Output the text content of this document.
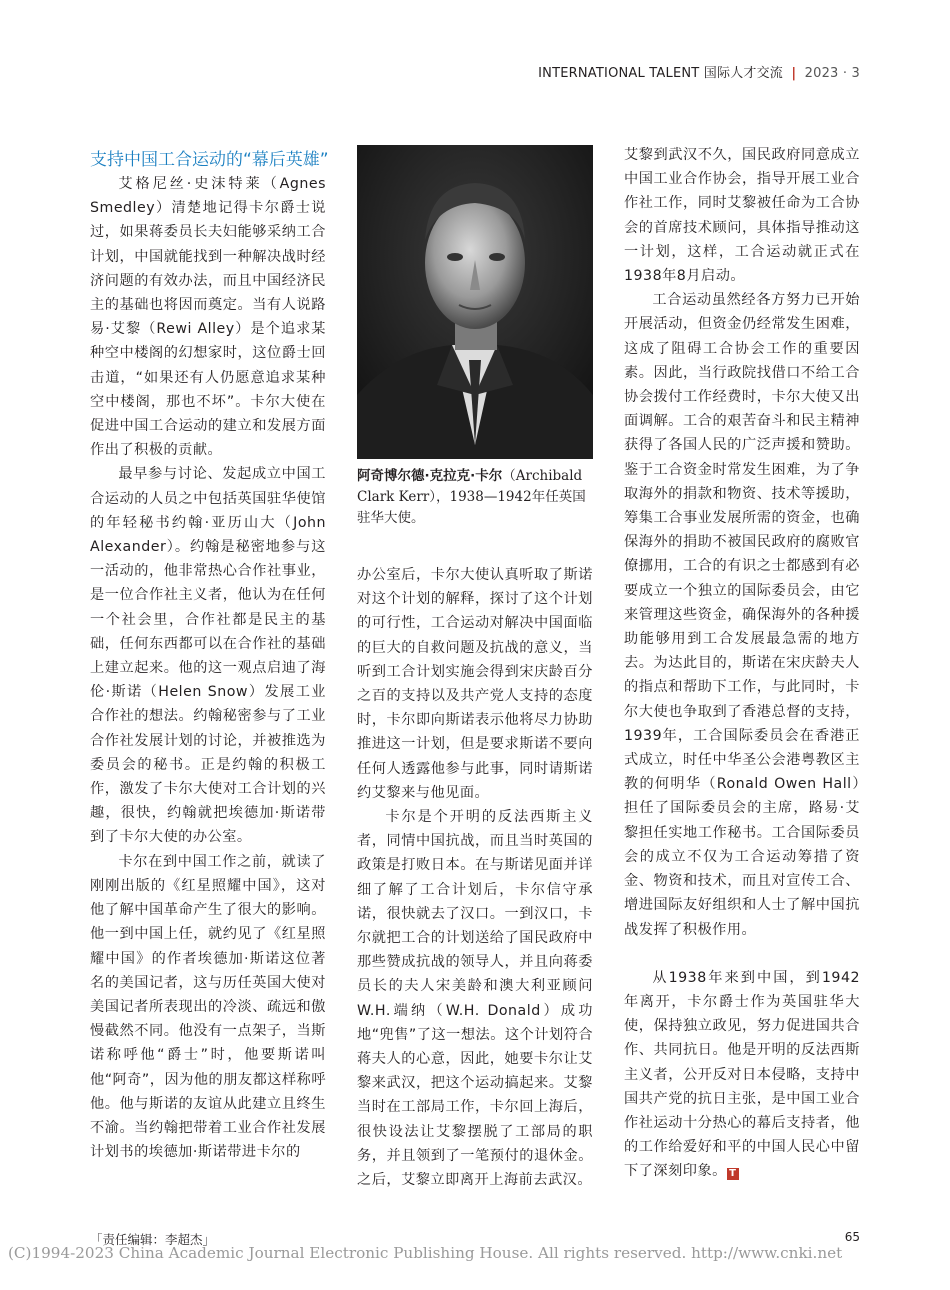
INTERNATIONAL TALENT 国际人才交流 | 2023 · 3
支持中国工合运动的“幕后英雄”

艾格尼丝·史沫特莱（Agnes Smedley）清楚地记得卡尔爵士说过，如果蒋委员长夫妇能够采纳工合计划，中国就能找到一种解决战时经济问题的有效办法，而且中国经济民主的基础也将因而奠定。当有人说路易·艾黎（Rewi Alley）是个追求某种空中楼阁的幻想家时，这位爵士回击道，“如果还有人仍愿意追求某种空中楼阁，那也不坏”。卡尔大使在促进中国工合运动的建立和发展方面作出了积极的贡献。

最早参与讨论、发起成立中国工合运动的人员之中包括英国驻华使馆的年轻秘书约翰·亚历山大（John Alexander）。约翰是秘密地参与这一活动的，他非常热心合作社事业，是一位合作社主义者，他认为在任何一个社会里，合作社都是民主的基础，任何东西都可以在合作社的基础上建立起来。他的这一观点启迪了海伦·斯诺（Helen Snow）发展工业合作社的想法。约翰秘密参与了工业合作社发展计划的讨论，并被推选为委员会的秘书。正是约翰的积极工作，激发了卡尔大使对工合计划的兴趣，很快，约翰就把埃德加·斯诺带到了卡尔大使的办公室。

卡尔在到中国工作之前，就读了刚刚出版的《红星照耀中国》，这对他了解中国革命产生了很大的影响。他一到中国上任，就约见了《红星照耀中国》的作者埃德加·斯诺这位著名的美国记者，这与历任英国大使对美国记者所表现出的冷淡、疏远和傲慢截然不同。他没有一点架子，当斯诺称呼他“爵士”时，他要斯诺叫他“阿奇”，因为他的朋友都这样称呼他。他与斯诺的友谊从此建立且终生不渝。当约翰把带着工业合作社发展计划书的埃德加·斯诺带进卡尔的

阿奇博尔德·克拉克·卡尔（Archibald Clark Kerr），1938—1942年任英国驻华大使。

办公室后，卡尔大使认真听取了斯诺对这个计划的解释，探讨了这个计划的可行性，工合运动对解决中国面临的巨大的自救问题及抗战的意义，当听到工合计划实施会得到宋庆龄百分之百的支持以及共产党人支持的态度时，卡尔即向斯诺表示他将尽力协助推进这一计划，但是要求斯诺不要向任何人透露他参与此事，同时请斯诺约艾黎来与他见面。

卡尔是个开明的反法西斯主义者，同情中国抗战，而且当时英国的政策是打败日本。在与斯诺见面并详细了解了工合计划后，卡尔信守承诺，很快就去了汉口。一到汉口，卡尔就把工合的计划送给了国民政府中那些赞成抗战的领导人，并且向蒋委员长的夫人宋美龄和澳大利亚顾问W.H.端纳（W.H. Donald）成功地“兜售”了这一想法。这个计划符合蒋夫人的心意，因此，她要卡尔让艾黎来武汉，把这个运动搞起来。艾黎当时在工部局工作，卡尔回上海后，很快设法让艾黎摆脱了工部局的职务，并且领到了一笔预付的退休金。之后，艾黎立即离开上海前去武汉。

艾黎到武汉不久，国民政府同意成立中国工业合作协会，指导开展工业合作社工作，同时艾黎被任命为工合协会的首席技术顾问，具体指导推动这一计划，这样，工合运动就正式在1938年8月启动。

工合运动虽然经各方努力已开始开展活动，但资金仍经常发生困难，这成了阻碍工合协会工作的重要因素。因此，当行政院找借口不给工合协会拨付工作经费时，卡尔大使又出面调解。工合的艰苦奋斗和民主精神获得了各国人民的广泛声援和赞助。鉴于工合资金时常发生困难，为了争取海外的捐款和物资、技术等援助，筹集工合事业发展所需的资金，也确保海外的捐助不被国民政府的腐败官僚挪用，工合的有识之士都感到有必要成立一个独立的国际委员会，由它来管理这些资金，确保海外的各种援助能够用到工合发展最急需的地方去。为达此目的，斯诺在宋庆龄夫人的指点和帮助下工作，与此同时，卡尔大使也争取到了香港总督的支持，1939年，工合国际委员会在香港正式成立，时任中华圣公会港粤教区主教的何明华（Ronald Owen Hall）担任了国际委员会的主席，路易·艾黎担任实地工作秘书。工合国际委员会的成立不仅为工合运动筹措了资金、物资和技术，而且对宣传工合、增进国际友好组织和人士了解中国抗战发挥了积极作用。

从1938年来到中国，到1942年离开，卡尔爵士作为英国驻华大使，保持独立政见，努力促进国共合作、共同抗日。他是开明的反法西斯主义者，公开反对日本侵略，支持中国共产党的抗日主张，是中国工业合作社运动十分热心的幕后支持者，他的工作给爱好和平的中国人民心中留下了深刻印象。 T

「责任编辑：李超杰」	65
(C)1994-2023 China Academic Journal Electronic Publishing House. All rights reserved. http://www.cnki.net
